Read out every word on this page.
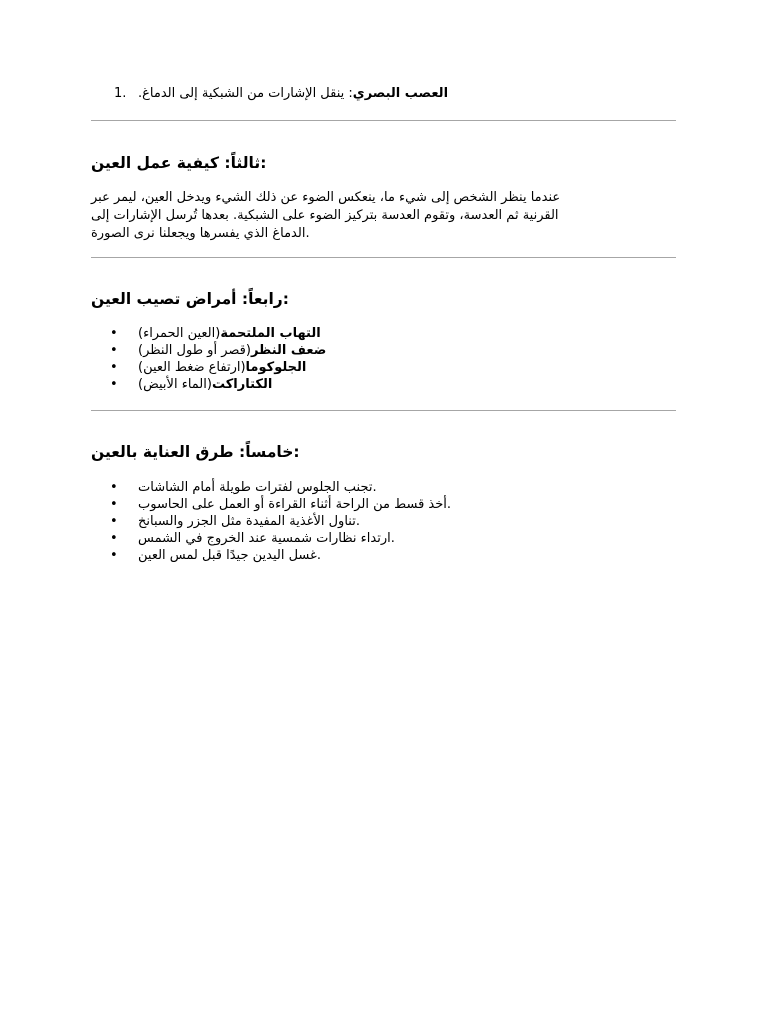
1.	العصب البصري: ينقل الإشارات من الشبكية إلى الدماغ.
ثالثاً: كيفية عمل العين:
عندما ينظر الشخص إلى شيء ما، ينعكس الضوء عن ذلك الشيء ويدخل العين، ليمر عبر
القرنية ثم العدسة، وتقوم العدسة بتركيز الضوء على الشبكية. بعدها تُرسل الإشارات إلى
الدماغ الذي يفسرها ويجعلنا نرى الصورة.
رابعاً: أمراض تصيب العين:
• (العين الحمراء)التهاب الملتحمة
• (قصر أو طول النظر)ضعف النظر
• (ارتفاع ضغط العين)الجلوكوما
• (الماء الأبيض)الكتاراكت
خامساً: طرق العناية بالعين:
• تجنب الجلوس لفترات طويلة أمام الشاشات.
• أخذ قسط من الراحة أثناء القراءة أو العمل على الحاسوب.
• تناول الأغذية المفيدة مثل الجزر والسبانخ.
• ارتداء نظارات شمسية عند الخروج في الشمس.
• غسل اليدين جيدًا قبل لمس العين.
